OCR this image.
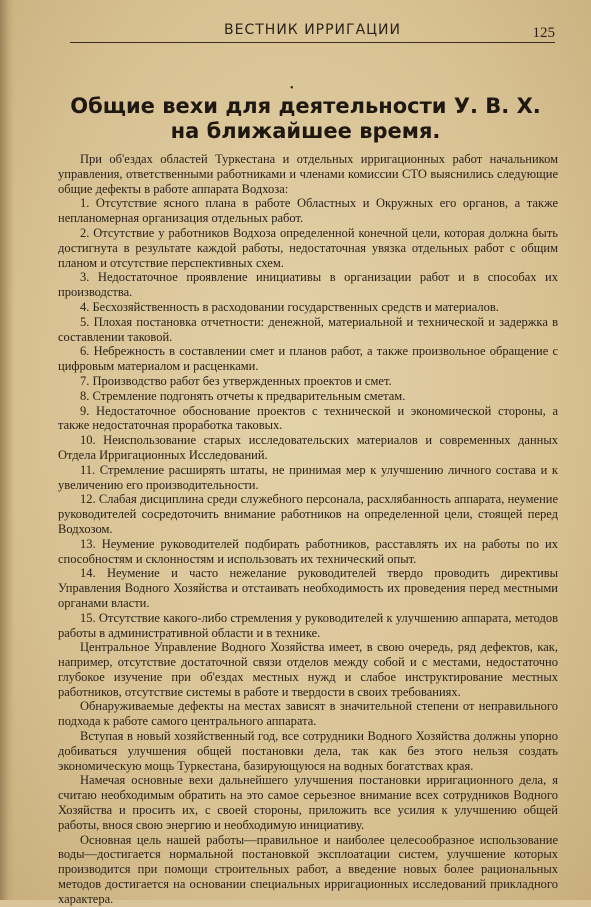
ВЕСТНИК ИРРИГАЦИИ	125
•
Общие вехи для деятельности У. В. Х.
на ближайшее время.

При об'ездах областей Туркестана и отдельных ирригационных работ начальником управления, ответственными работниками и членами комиссии СТО выяснились следующие общие дефекты в работе аппарата Водхоза:

1. Отсутствие ясного плана в работе Областных и Окружных его органов, а также непланомерная организация отдельных работ.

2. Отсутствие у работников Водхоза определенной конечной цели, которая должна быть достигнута в результате каждой работы, недостаточная увязка отдельных работ с общим планом и отсутствие перспективных схем.

3. Недостаточное проявление инициативы в организации работ и в способах их производства.

4. Бесхозяйственность в расходовании государственных средств и материалов.

5. Плохая постановка отчетности: денежной, материальной и технической и задержка в составлении таковой.

6. Небрежность в составлении смет и планов работ, а также произвольное обращение с цифровым материалом и расценками.

7. Производство работ без утвержденных проектов и смет.

8. Стремление подгонять отчеты к предварительным сметам.

9. Недостаточное обоснование проектов с технической и экономической стороны, а также недостаточная проработка таковых.

10. Неиспользование старых исследовательских материалов и современных данных Отдела Ирригационных Исследований.

11. Стремление расширять штаты, не принимая мер к улучшению личного состава и к увеличению его производительности.

12. Слабая дисциплина среди служебного персонала, расхлябанность аппарата, неумение руководителей сосредоточить внимание работников на определенной цели, стоящей перед Водхозом.

13. Неумение руководителей подбирать работников, расставлять их на работы по их способностям и склонностям и использовать их технический опыт.

14. Неумение и часто нежелание руководителей твердо проводить директивы Управления Водного Хозяйства и отстаивать необходимость их проведения перед местными органами власти.

15. Отсутствие какого-либо стремления у руководителей к улучшению аппарата, методов работы в административной области и в технике.

Центральное Управление Водного Хозяйства имеет, в свою очередь, ряд дефектов, как, например, отсутствие достаточной связи отделов между собой и с местами, недостаточно глубокое изучение при об'ездах местных нужд и слабое инструктирование местных работников, отсутствие системы в работе и твердости в своих требованиях.

Обнаруживаемые дефекты на местах зависят в значительной степени от неправильного подхода к работе самого центрального аппарата.

Вступая в новый хозяйственный год, все сотрудники Водного Хозяйства должны упорно добиваться улучшения общей постановки дела, так как без этого нельзя создать экономическую мощь Туркестана, базирующуюся на водных богатствах края.

Намечая основные вехи дальнейшего улучшения постановки ирригационного дела, я считаю необходимым обратить на это самое серьезное внимание всех сотрудников Водного Хозяйства и просить их, с своей стороны, приложить все усилия к улучшению общей работы, внося свою энергию и необходимую инициативу.

Основная цель нашей работы—правильное и наиболее целесообразное использование воды—достигается нормальной постановкой эксплоатации систем, улучшение которых производится при помощи строительных работ, а введение новых более рациональных методов достигается на основании специальных ирригационных исследований прикладного характера.
